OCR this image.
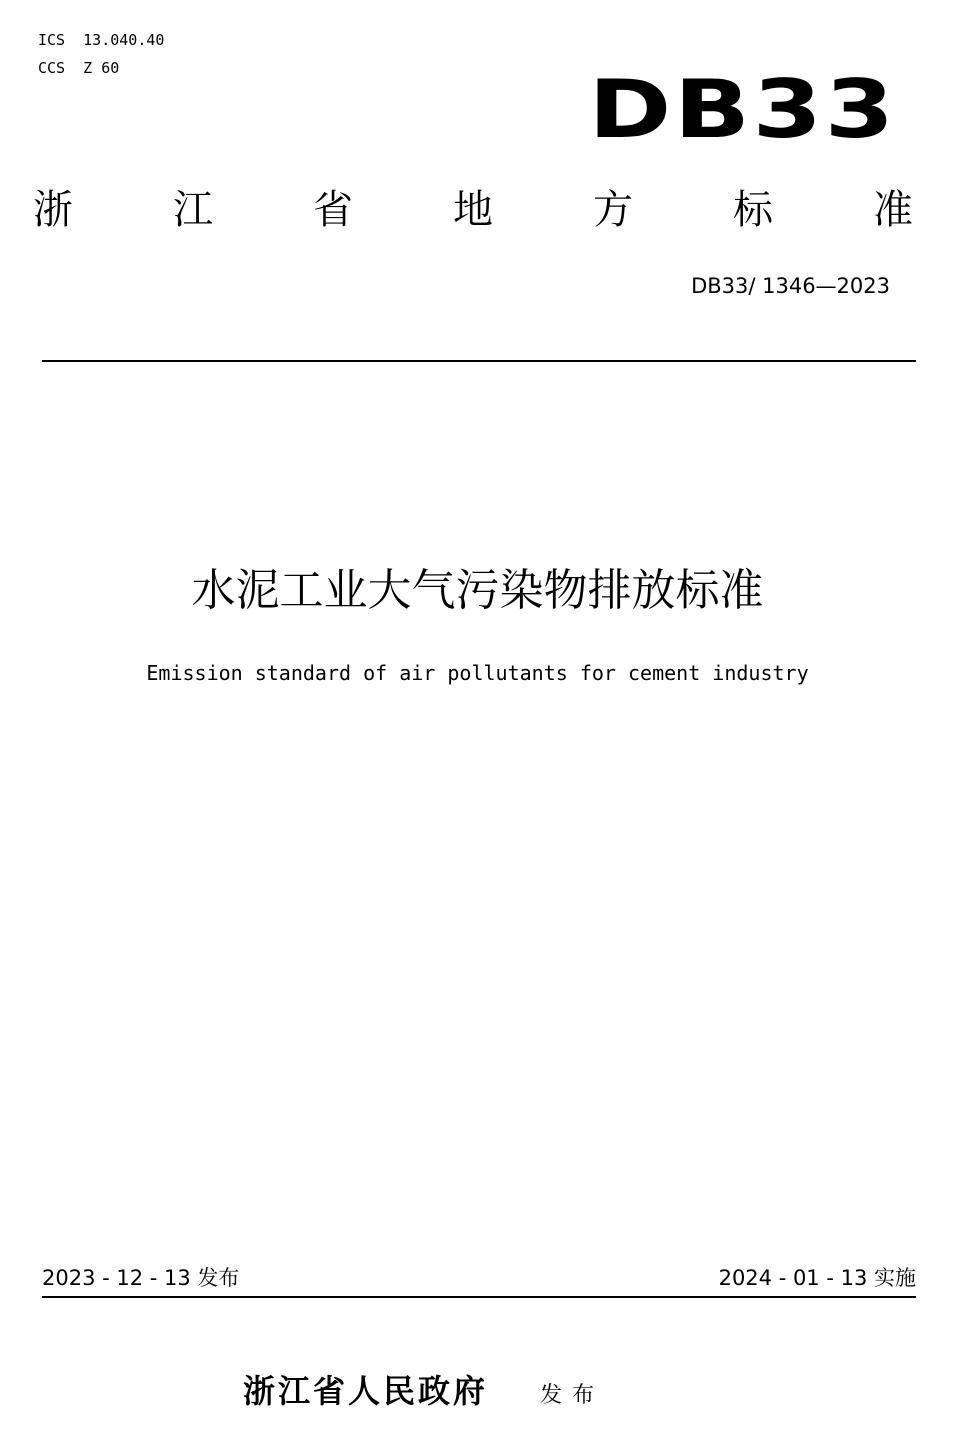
ICS  13.040.40
CCS  Z 60	DB33
浙	江	省	地	方	标	准
DB33/ 1346—2023
水泥工业大气污染物排放标准
Emission standard of air pollutants for cement industry
2023 - 12 - 13 发布	2024 - 01 - 13 实施
浙江省人民政府 发布
